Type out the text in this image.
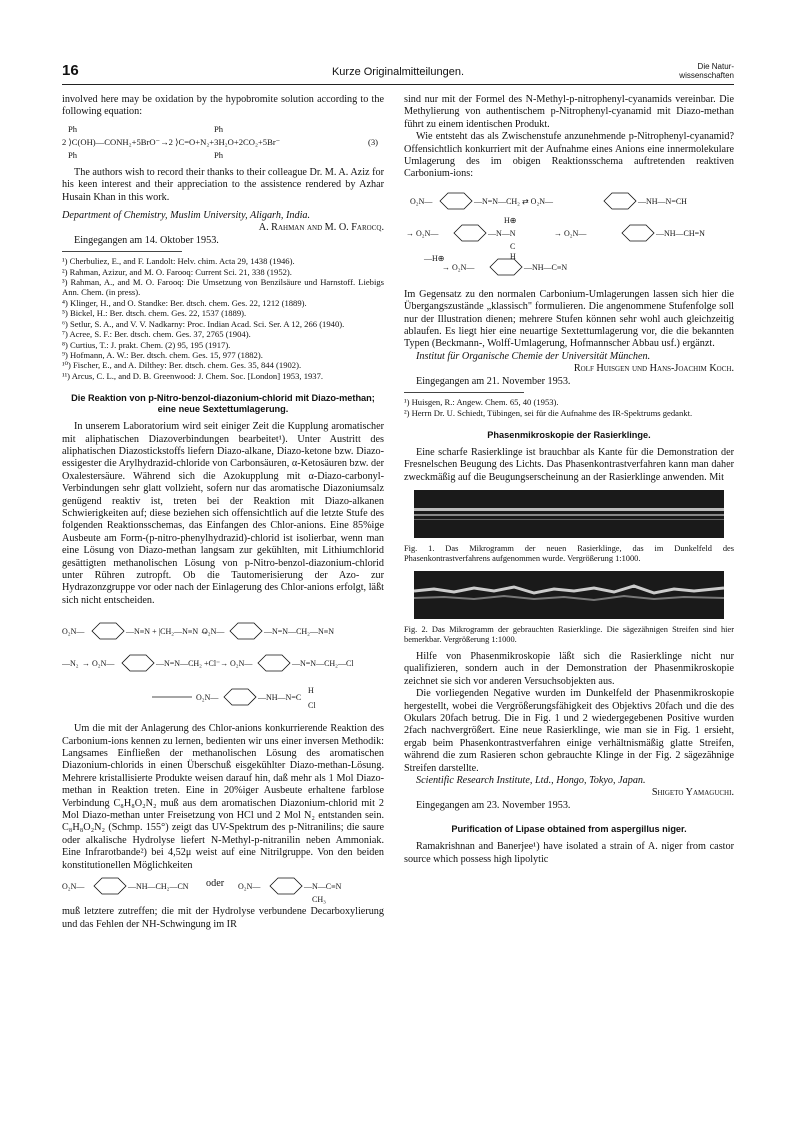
16	Kurze Originalmitteilungen.	Die Natur-
wissenschaften

involved here may be oxidation by the hypobromite solution according to the following equation:

Ph	Ph
2 ⟩C(OH)—CONH₂+5BrO⁻→2 ⟩C=O+N₂+3H₂O+2CO₂+5Br⁻	(3)
Ph	Ph

The authors wish to record their thanks to their colleague Dr. M. A. Aziz for his keen interest and their appreciation to the assistence rendered by Azhar Husain Khan in this work.

Department of Chemistry, Muslim University, Aligarh, India.

A. Rahman and M. O. Farocq.

Eingegangen am 14. Oktober 1953.

¹) Cherbuliez, E., and F. Landolt: Helv. chim. Acta 29, 1438 (1946).
²) Rahman, Azizur, and M. O. Farooq: Current Sci. 21, 338 (1952).
³) Rahman, A., and M. O. Farooq: Die Umsetzung von Benzilsäure und Harnstoff. Liebigs Ann. Chem. (in press).
⁴) Klinger, H., and O. Standke: Ber. dtsch. chem. Ges. 22, 1212 (1889).
⁵) Bickel, H.: Ber. dtsch. chem. Ges. 22, 1537 (1889).
⁶) Setlur, S. A., and V. V. Nadkarny: Proc. Indian Acad. Sci. Ser. A 12, 266 (1940).
⁷) Acree, S. F.: Ber. dtsch. chem. Ges. 37, 2765 (1904).
⁸) Curtius, T.: J. prakt. Chem. (2) 95, 195 (1917).
⁹) Hofmann, A. W.: Ber. dtsch. chem. Ges. 15, 977 (1882).
¹⁰) Fischer, E., and A. Dilthey: Ber. dtsch. chem. Ges. 35, 844 (1902).
¹¹) Arcus, C. L., and D. B. Greenwood: J. Chem. Soc. [London] 1953, 1937.
Die Reaktion von p-Nitro-benzol-diazonium-chlorid mit Diazo-methan; eine neue Sextettumlagerung.

In unserem Laboratorium wird seit einiger Zeit die Kupplung aromatischer mit aliphatischen Diazoverbindungen bearbeitet¹). Unter Austritt des aliphatischen Diazostickstoffs liefern Diazo-alkane, Diazo-ketone bzw. Diazo-essigester die Arylhydrazid-chloride von Carbonsäuren, α-Ketosäuren bzw. der Oxalestersäure. Während sich die Azokupplung mit α-Diazo-carbonyl-Verbindungen sehr glatt vollzieht, sofern nur das aromatische Diazoniumsalz genügend reaktiv ist, treten bei der Reaktion mit Diazo-alkanen Schwierigkeiten auf; diese beziehen sich offensichtlich auf die letzte Stufe des folgenden Reaktionsschemas, das Einfangen des Chlor-anions. Eine 85%ige Ausbeute am Form-(p-nitro-phenylhydrazid)-chlorid ist isolierbar, wenn man eine Lösung von Diazo-methan langsam zur gekühlten, mit Lithiumchlorid gesättigten methanolischen Lösung von p-Nitro-benzol-diazonium-chlorid unter Rühren zutropft. Ob die Tautomerisierung der Azo- zur Hydrazonzgruppe vor oder nach der Einlagerung des Chlor-anions erfolgt, läßt sich nicht entscheiden.

O₂N—	—N≡N + |CH₂—N≡N →
O₂N—	—N=N—CH₂—N≡N
—N₂ → O₂N—	—N=N—CH₂ +Cl⁻→ O₂N—	—N=N—CH₂—Cl
O₂N—	—NH—N=C
H
Cl

Um die mit der Anlagerung des Chlor-anions konkurrierende Reaktion des Carbonium-ions kennen zu lernen, bedienten wir uns einer inversen Methodik: Langsames Einfließen der methanolischen Lösung des aromatischen Diazonium-chlorids in einen Überschuß eisgekühlter Diazo-methan-Lösung. Mehrere kristallisierte Produkte weisen darauf hin, daß mehr als 1 Mol Diazo-methan in Reaktion treten. Eine in 20%iger Ausbeute erhaltene farblose Verbindung C₈H₈O₂N₂ muß aus dem aromatischen Diazonium-chlorid mit 2 Mol Diazo-methan unter Freisetzung von HCl und 2 Mol N₂ entstanden sein. C₈H₈O₂N₂ (Schmp. 155°) zeigt das UV-Spektrum des p-Nitranilins; die saure oder alkalische Hydrolyse liefert N-Methyl-p-nitranilin neben Ammoniak. Eine Infrarotbande²) bei 4,52μ weist auf eine Nitrilgruppe. Von den beiden konstitutionellen Möglichkeiten

O₂N—	—NH—CH₂—CN	O₂N—	—N—C≡N
CH₃
oder

muß letztere zutreffen; die mit der Hydrolyse verbundene Decarboxylierung und das Fehlen der NH-Schwingung im IR

sind nur mit der Formel des N-Methyl-p-nitrophenyl-cyanamids vereinbar. Die Methylierung von authentischem p-Nitrophenyl-cyanamid mit Diazo-methan führt zu einem identischen Produkt.

Wie entsteht das als Zwischenstufe anzunehmende p-Nitrophenyl-cyanamid? Offensichtlich konkurriert mit der Aufnahme eines Anions eine innermolekulare Umlagerung des im obigen Reaktionsschema auftretenden reaktiven Carbonium-ions:

O₂N—	—N=N—CH₂ ⇄ O₂N—	—NH—N=CH
→ O₂N—	—N—N	→ O₂N—	—NH—CH=N
H⊕
C
H
—H⊕
→ O₂N—	—NH—C≡N

Im Gegensatz zu den normalen Carbonium-Umlagerungen lassen sich hier die Übergangszustände „klassisch" formulieren. Die angenommene Stufenfolge soll nur der Illustration dienen; mehrere Stufen können sehr wohl auch gleichzeitig ablaufen. Es liegt hier eine neuartige Sextettumlagerung vor, die die bekannten Typen (Beckmann-, Wolff-Umlagerung, Hofmannscher Abbau usf.) ergänzt.

Institut für Organische Chemie der Universität München.

Rolf Huisgen und Hans-Joachim Koch.

Eingegangen am 21. November 1953.

¹) Huisgen, R.: Angew. Chem. 65, 40 (1953).
²) Herrn Dr. U. Schiedt, Tübingen, sei für die Aufnahme des IR-Spektrums gedankt.
Phasenmikroskopie der Rasierklinge.

Eine scharfe Rasierklinge ist brauchbar als Kante für die Demonstration der Fresnelschen Beugung des Lichts. Das Phasenkontrastverfahren kann man daher zweckmäßig auf die Beugungserscheinung an der Rasierklinge anwenden. Mit

Fig. 1. Das Mikrogramm der neuen Rasierklinge, das im Dunkelfeld des Phasenkontrastverfahrens aufgenommen wurde. Vergrößerung 1:1000.

Fig. 2. Das Mikrogramm der gebrauchten Rasierklinge. Die sägezähnigen Streifen sind hier bemerkbar. Vergrößerung 1:1000.

Hilfe von Phasenmikroskopie läßt sich die Rasierklinge nicht nur qualifizieren, sondern auch in der Demonstration der Phasenmikroskopie zeichnet sie sich vor anderen Versuchsobjekten aus.

Die vorliegenden Negative wurden im Dunkelfeld der Phasenmikroskopie hergestellt, wobei die Vergrößerungsfähigkeit des Objektivs 20fach und die des Okulars 20fach betrug. Die in Fig. 1 und 2 wiedergegebenen Positive wurden 2fach nachvergrößert. Eine neue Rasierklinge, wie man sie in Fig. 1 ersieht, ergab beim Phasenkontrastverfahren einige verhältnismäßig glatte Streifen, während die zum Rasieren schon gebrauchte Klinge in der Fig. 2 sägezähnige Streifen darstellte.

Scientific Research Institute, Ltd., Hongo, Tokyo, Japan.

Shigeto Yamaguchi.

Eingegangen am 23. November 1953.

Purification of Lipase obtained from aspergillus niger.

Ramakrishnan and Banerjee¹) have isolated a strain of A. niger from castor source which possess high lipolytic
